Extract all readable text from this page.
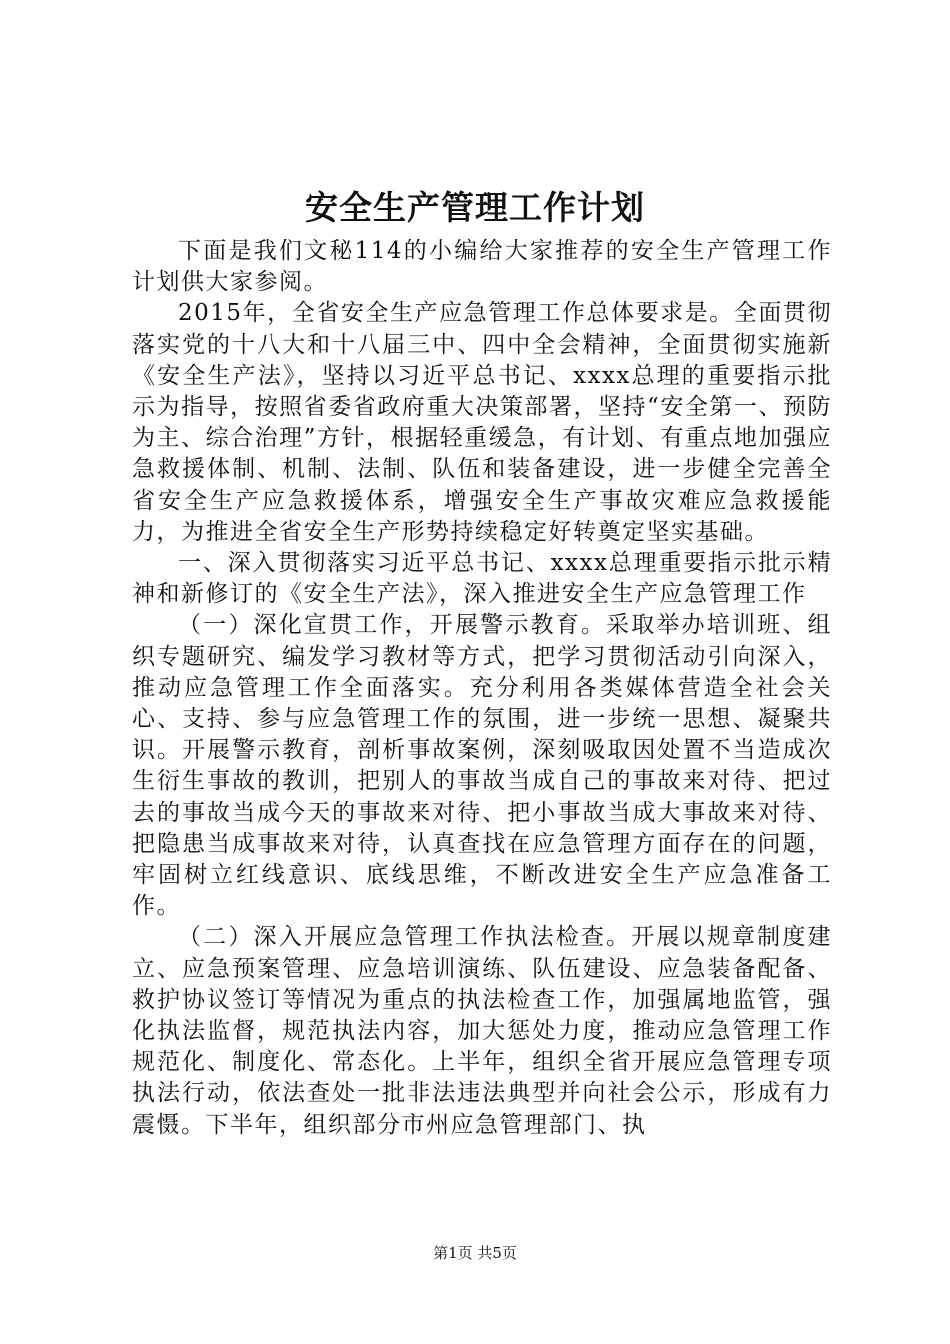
安全生产管理工作计划

下面是我们文秘114的小编给大家推荐的安全生产管理工作计划供大家参阅。

2015年，全省安全生产应急管理工作总体要求是。全面贯彻落实党的十八大和十八届三中、四中全会精神，全面贯彻实施新《安全生产法》，坚持以习近平总书记、xxxx总理的重要指示批示为指导，按照省委省政府重大决策部署，坚持“安全第一、预防为主、综合治理”方针，根据轻重缓急，有计划、有重点地加强应急救援体制、机制、法制、队伍和装备建设，进一步健全完善全省安全生产应急救援体系，增强安全生产事故灾难应急救援能力，为推进全省安全生产形势持续稳定好转奠定坚实基础。

一、深入贯彻落实习近平总书记、xxxx总理重要指示批示精神和新修订的《安全生产法》，深入推进安全生产应急管理工作

（一）深化宣贯工作，开展警示教育。采取举办培训班、组织专题研究、编发学习教材等方式，把学习贯彻活动引向深入，推动应急管理工作全面落实。充分利用各类媒体营造全社会关心、支持、参与应急管理工作的氛围，进一步统一思想、凝聚共识。开展警示教育，剖析事故案例，深刻吸取因处置不当造成次生衍生事故的教训，把别人的事故当成自己的事故来对待、把过去的事故当成今天的事故来对待、把小事故当成大事故来对待、把隐患当成事故来对待，认真查找在应急管理方面存在的问题，牢固树立红线意识、底线思维，不断改进安全生产应急准备工作。

（二）深入开展应急管理工作执法检查。开展以规章制度建立、应急预案管理、应急培训演练、队伍建设、应急装备配备、救护协议签订等情况为重点的执法检查工作，加强属地监管，强化执法监督，规范执法内容，加大惩处力度，推动应急管理工作规范化、制度化、常态化。上半年，组织全省开展应急管理专项执法行动，依法查处一批非法违法典型并向社会公示，形成有力震慑。下半年，组织部分市州应急管理部门、执

第1页 共5页
